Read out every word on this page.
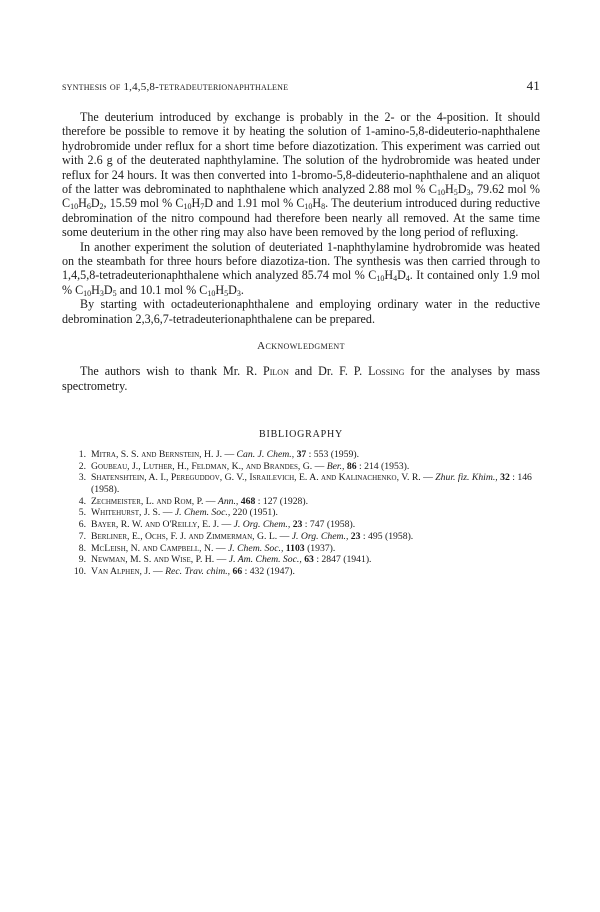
synthesis of 1,4,5,8-tetradeuterionaphthalene	41

The deuterium introduced by exchange is probably in the 2- or the 4-position. It should therefore be possible to remove it by heating the solution of 1-amino-5,8-dideuterio-naphthalene hydrobromide under reflux for a short time before diazotization. This experiment was carried out with 2.6 g of the deuterated naphthylamine. The solution of the hydrobromide was heated under reflux for 24 hours. It was then converted into 1-bromo-5,8-dideuterio-naphthalene and an aliquot of the latter was debrominated to naphthalene which analyzed 2.88 mol % $C_{10}H_5D_3$, 79.62 mol % $C_{10}H_6D_2$, 15.59 mol % $C_{10}H_7D$ and 1.91 mol % $C_{10}H_8$. The deuterium introduced during reductive debromination of the nitro compound had therefore been nearly all removed. At the same time some deuterium in the other ring may also have been removed by the long period of refluxing.

In another experiment the solution of deuteriated 1-naphthylamine hydrobromide was heated on the steambath for three hours before diazotiza-tion. The synthesis was then carried through to 1,4,5,8-tetradeuterionaphthalene which analyzed 85.74 mol % $C_{10}H_4D_4$. It contained only 1.9 mol % $C_{10}H_3D_5$ and 10.1 mol % $C_{10}H_5D_3$.

By starting with octadeuterionaphthalene and employing ordinary water in the reductive debromination 2,3,6,7-tetradeuterionaphthalene can be prepared.

Acknowledgment

The authors wish to thank Mr. R. Pilon and Dr. F. P. Lossing for the analyses by mass spectrometry.

BIBLIOGRAPHY
1. Mitra, S. S. and Bernstein, H. J. — Can. J. Chem., 37 : 553 (1959).
2. Goubeau, J., Luther, H., Feldman, K., and Brandes, G. — Ber., 86 : 214 (1953).
3. Shatenshtein, A. I., Pereguddov, G. V., Israilevich, E. A. and Kalinachenko, V. R. — Zhur. fiz. Khim., 32 : 146 (1958).
4. Zechmeister, L. and Rom, P. — Ann., 468 : 127 (1928).
5. Whitehurst, J. S. — J. Chem. Soc., 220 (1951).
6. Bayer, R. W. and O'Reilly, E. J. — J. Org. Chem., 23 : 747 (1958).
7. Berliner, E., Ochs, F. J. and Zimmerman, G. L. — J. Org. Chem., 23 : 495 (1958).
8. McLeish, N. and Campbell, N. — J. Chem. Soc., 1103 (1937).
9. Newman, M. S. and Wise, P. H. — J. Am. Chem. Soc., 63 : 2847 (1941).
10. Van Alphen, J. — Rec. Trav. chim., 66 : 432 (1947).
